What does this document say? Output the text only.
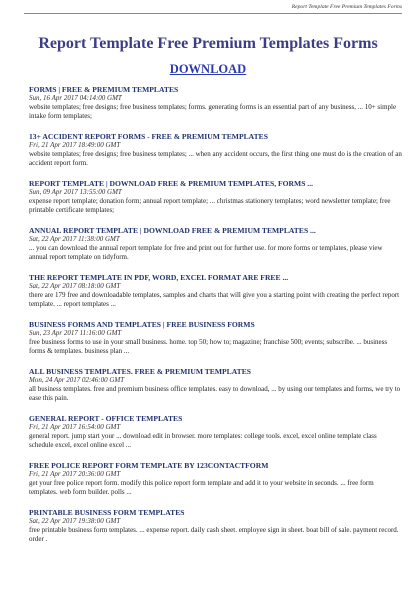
Report Template Free Premium Templates Forms
Report Template Free Premium Templates Forms
DOWNLOAD
FORMS | FREE & PREMIUM TEMPLATES
Sun, 16 Apr 2017 04:14:00 GMT
website templates; free designs; free business templates; forms. generating forms is an essential part of any business, ... 10+ simple intake form templates;
13+ ACCIDENT REPORT FORMS - FREE & PREMIUM TEMPLATES
Fri, 21 Apr 2017 18:49:00 GMT
website templates; free designs; free business templates; ... when any accident occurs, the first thing one must do is the creation of an accident report form.
REPORT TEMPLATE | DOWNLOAD FREE & PREMIUM TEMPLATES, FORMS ...
Sun, 09 Apr 2017 13:55:00 GMT
expense report template; donation form; annual report template; ... christmas stationery templates; word newsletter template; free printable certificate templates;
ANNUAL REPORT TEMPLATE | DOWNLOAD FREE & PREMIUM TEMPLATES ...
Sat, 22 Apr 2017 11:38:00 GMT
... you can download the annual report template for free and print out for further use. for more forms or templates, please view annual report template on tidyform.
THE REPORT TEMPLATE IN PDF, WORD, EXCEL FORMAT ARE FREE ...
Sat, 22 Apr 2017 08:18:00 GMT
there are 179 free and downloadable templates, samples and charts that will give you a starting point with creating the perfect report template. ... report templates ...
BUSINESS FORMS AND TEMPLATES | FREE BUSINESS FORMS
Sun, 23 Apr 2017 11:16:00 GMT
free business forms to use in your small business. home. top 50; how to; magazine; franchise 500; events; subscribe. ... business forms & templates. business plan ...
ALL BUSINESS TEMPLATES. FREE & PREMIUM TEMPLATES
Mon, 24 Apr 2017 02:46:00 GMT
all business templates. free and premium business office templates. easy to download, ... by using our templates and forms, we try to ease this pain.
GENERAL REPORT - OFFICE TEMPLATES
Fri, 21 Apr 2017 16:54:00 GMT
general report. jump start your ... download edit in browser. more templates: college tools. excel, excel online template class schedule excel, excel online excel ...
FREE POLICE REPORT FORM TEMPLATE BY 123CONTACTFORM
Fri, 21 Apr 2017 20:36:00 GMT
get your free police report form. modify this police report form template and add it to your website in seconds. ... free form templates. web form builder. polls ...
PRINTABLE BUSINESS FORM TEMPLATES
Sat, 22 Apr 2017 19:38:00 GMT
free printable business form templates. ... expense report. daily cash sheet. employee sign in sheet. boat bill of sale. payment record. order .
